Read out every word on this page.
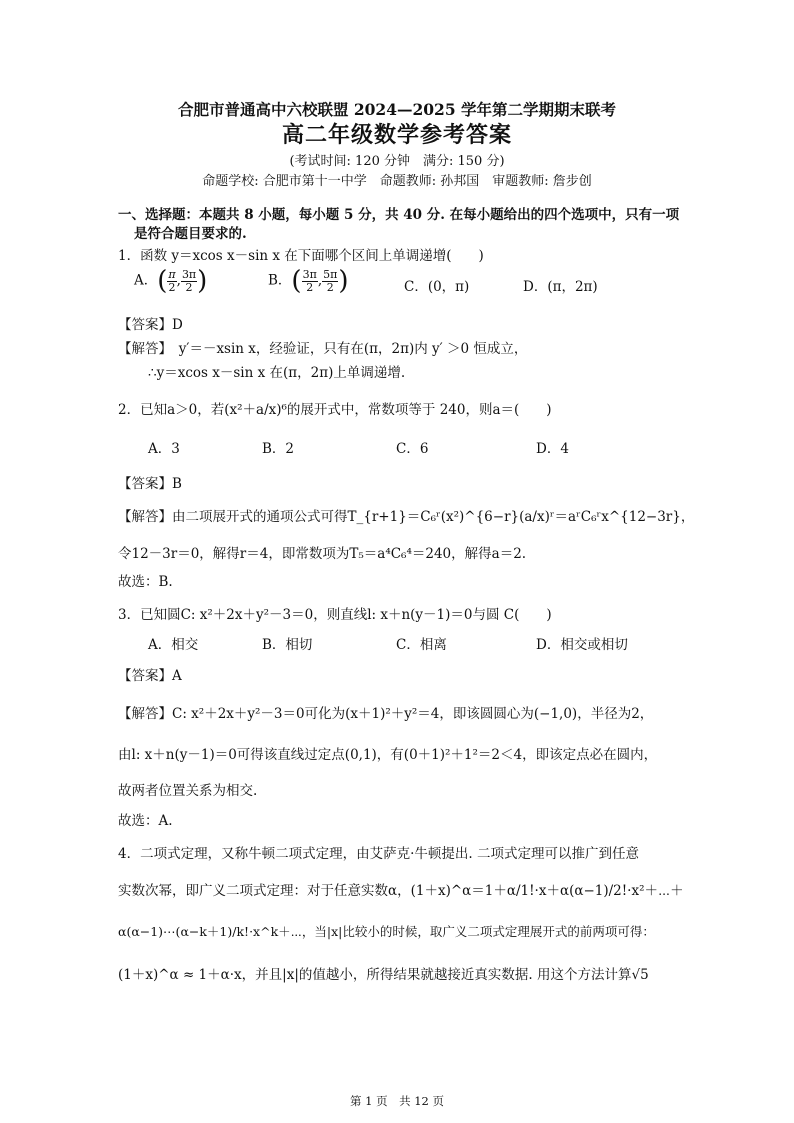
合肥市普通高中六校联盟 2024—2025 学年第二学期期末联考
高二年级数学参考答案
(考试时间: 120 分钟　满分: 150 分)
命题学校: 合肥市第十一中学　命题教师: 孙邦国　审题教师: 詹步创
一、选择题：本题共 8 小题，每小题 5 分，共 40 分. 在每小题给出的四个选项中，只有一项
是符合题目要求的.
1．函数 y＝xcos x－sin x 在下面哪个区间上单调递增(　　)
A．( $\frac{\pi}{2}$ , $\frac{3\pi}{2}$ )	B．( $\frac{3\pi}{2}$ , $\frac{5\pi}{2}$ )	C．(0，π)	D．(π，2π)
【答案】D
【解答】　y′＝－xsin x，经验证，只有在(π，2π)内 y′ ＞0 恒成立，
∴y＝xcos x－sin x 在(π，2π)上单调递增.
2．已知a＞0，若(x²＋a/x)⁶的展开式中，常数项等于 240，则a＝(　　)
A．3	B．2	C．6	D．4
【答案】B
【解答】由二项展开式的通项公式可得T_{r+1}＝C₆ʳ(x²)^{6−r}(a/x)ʳ＝aʳC₆ʳx^{12−3r}，
令12－3r＝0，解得r＝4，即常数项为T₅＝a⁴C₆⁴＝240，解得a＝2.
故选：B.
3．已知圆C: x²＋2x＋y²－3＝0，则直线l: x＋n(y－1)＝0与圆 C(　　)
A．相交	B．相切	C．相离	D．相交或相切
【答案】A
【解答】C: x²＋2x＋y²－3＝0可化为(x＋1)²＋y²＝4，即该圆圆心为(−1,0)，半径为2，
由l: x＋n(y－1)＝0可得该直线过定点(0,1)，有(0＋1)²＋1²＝2＜4，即该定点必在圆内，
故两者位置关系为相交.
故选：A.
4．二项式定理，又称牛顿二项式定理，由艾萨克·牛顿提出. 二项式定理可以推广到任意
实数次幂，即广义二项式定理：对于任意实数α，(1＋x)^α＝1＋α/1!·x＋α(α−1)/2!·x²＋⋯＋
α(α−1)⋯(α−k＋1)/k!·x^k＋⋯，当|x|比较小的时候，取广义二项式定理展开式的前两项可得：
(1＋x)^α ≈ 1＋α·x，并且|x|的值越小，所得结果就越接近真实数据. 用这个方法计算√5
第 1 页　共 12 页
